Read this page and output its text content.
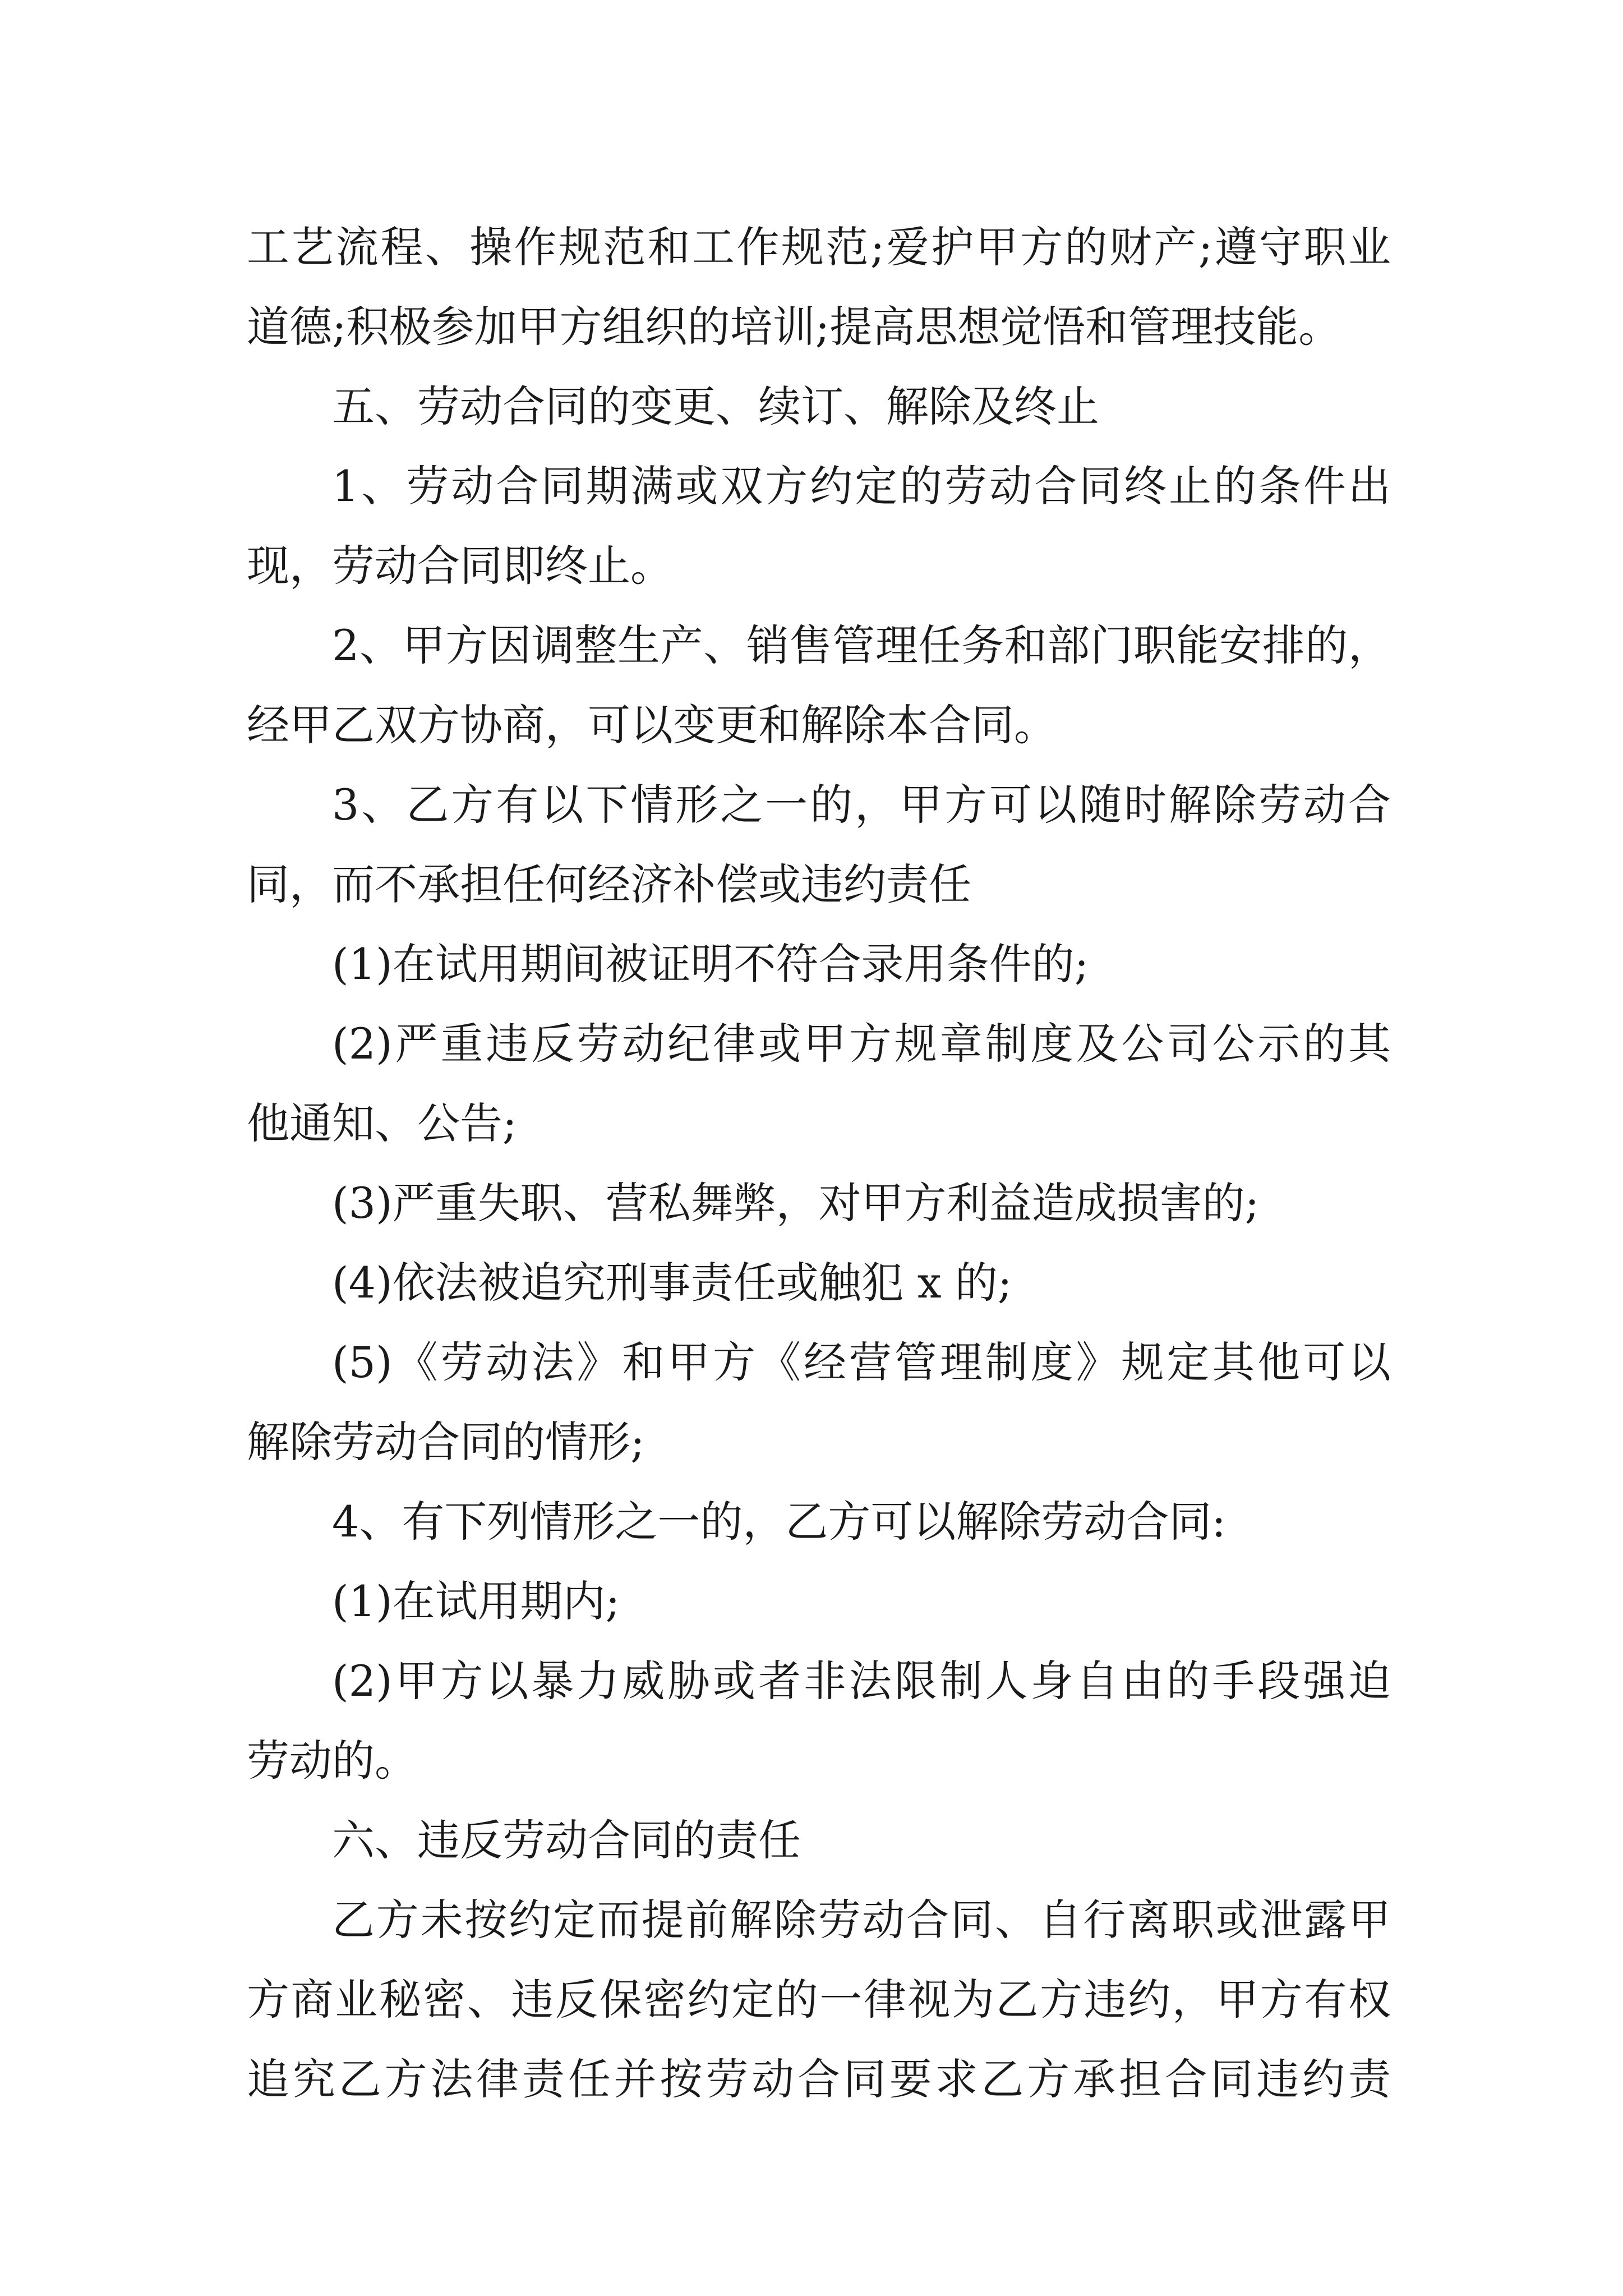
工艺流程、操作规范和工作规范;爱护甲方的财产;遵守职业
道德;积极参加甲方组织的培训;提高思想觉悟和管理技能。
五、劳动合同的变更、续订、解除及终止
1、劳动合同期满或双方约定的劳动合同终止的条件出
现，劳动合同即终止。
2、甲方因调整生产、销售管理任务和部门职能安排的，
经甲乙双方协商，可以变更和解除本合同。
3、乙方有以下情形之一的，甲方可以随时解除劳动合
同，而不承担任何经济补偿或违约责任
(1)在试用期间被证明不符合录用条件的;
(2)严重违反劳动纪律或甲方规章制度及公司公示的其
他通知、公告;
(3)严重失职、营私舞弊，对甲方利益造成损害的;
(4)依法被追究刑事责任或触犯 x 的;
(5)《劳动法》和甲方《经营管理制度》规定其他可以
解除劳动合同的情形;
4、有下列情形之一的，乙方可以解除劳动合同:
(1)在试用期内;
(2)甲方以暴力威胁或者非法限制人身自由的手段强迫
劳动的。
六、违反劳动合同的责任
乙方未按约定而提前解除劳动合同、自行离职或泄露甲
方商业秘密、违反保密约定的一律视为乙方违约，甲方有权
追究乙方法律责任并按劳动合同要求乙方承担合同违约责
